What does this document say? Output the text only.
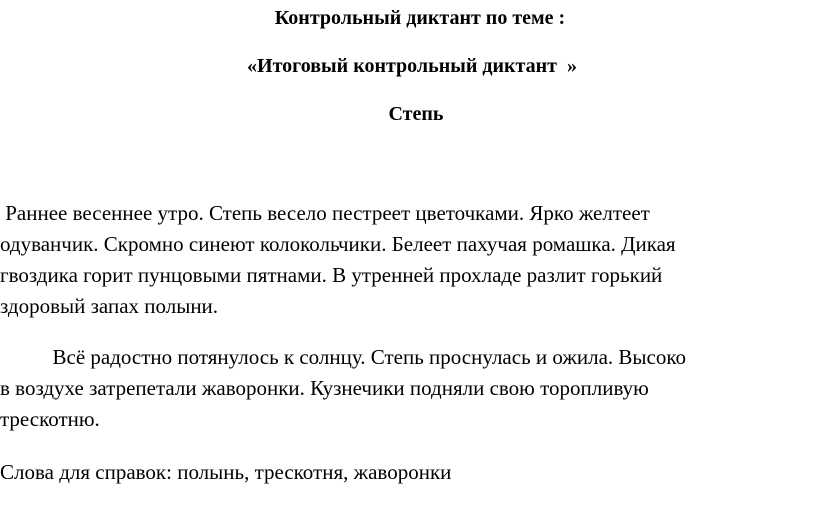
Контрольный диктант по теме :

«Итоговый контрольный диктант  »

Степь

Раннее весеннее утро. Степь весело пестреет цветочками. Ярко желтеет
одуванчик. Скромно синеют колокольчики. Белеет пахучая ромашка. Дикая
гвоздика горит пунцовыми пятнами. В утренней прохладе разлит горький
здоровый запах полыни.
Всё радостно потянулось к солнцу. Степь проснулась и ожила. Высоко
в воздухе затрепетали жаворонки. Кузнечики подняли свою торопливую
трескотню.

Слова для справок: полынь, трескотня, жаворонки
